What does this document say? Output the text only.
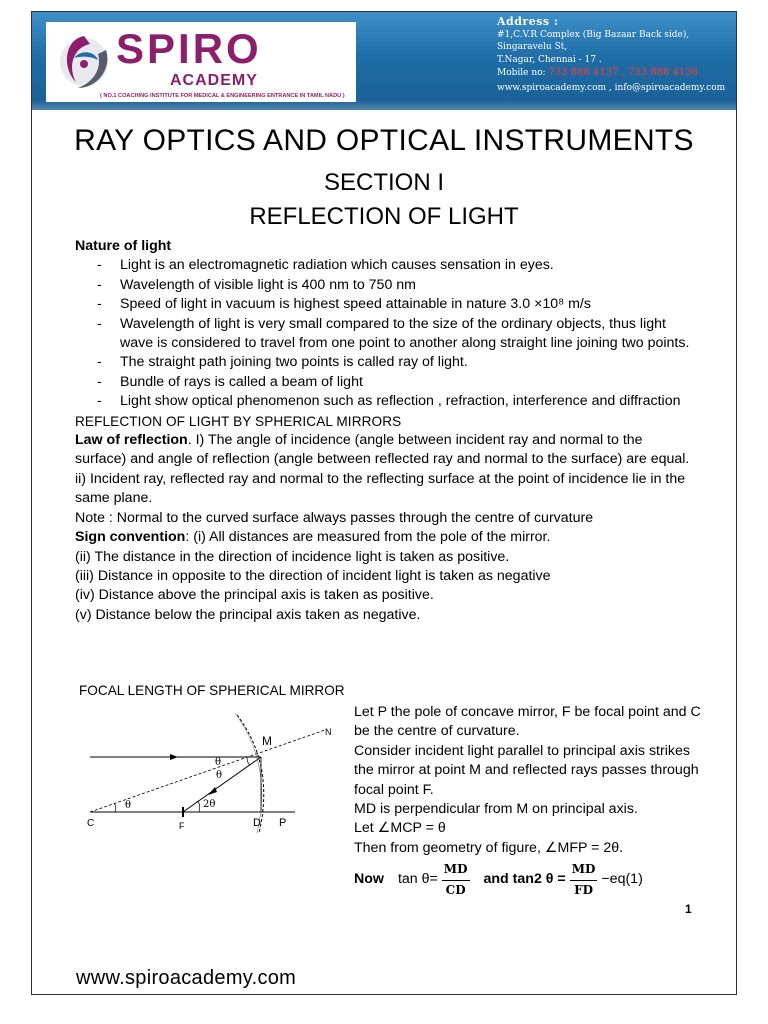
SPIRO
ACADEMY
( NO.1 COACHING INSTITUTE FOR MEDICAL & ENGINEERING ENTRANCE IN TAMIL NADU )
Address :
#1,C.V.R Complex (Big Bazaar Back side),
Singaravelu St,
T.Nagar, Chennai - 17 .
Mobile no: 733 888 4137 , 733 888 4136
www.spiroacademy.com , info@spiroacademy.com
RAY OPTICS AND OPTICAL INSTRUMENTS
SECTION I
REFLECTION OF LIGHT

Nature of light

- Light is an electromagnetic radiation which causes sensation in eyes.
- Wavelength of visible light is 400 nm to 750 nm
- Speed of light in vacuum is highest speed attainable in nature 3.0 ×10⁸ m/s
- Wavelength of light is very small compared to the size of the ordinary objects, thus light wave is considered to travel from one point to another along straight line joining two points.
- The straight path joining two points is called ray of light.
- Bundle of rays is called a beam of light
- Light show optical phenomenon such as reflection , refraction, interference and diffraction

REFLECTION OF LIGHT BY SPHERICAL MIRRORS

Law of reflection. I) The angle of incidence (angle between incident ray and normal to the surface) and angle of reflection (angle between reflected ray and normal to the surface) are equal.

ii) Incident ray, reflected ray and normal to the reflecting surface at the point of incidence lie in the same plane.

Note : Normal to the curved surface always passes through the centre of curvature

Sign convention: (i) All distances are measured from the pole of the mirror.

(ii) The distance in the direction of incidence light is taken as positive.

(iii) Distance in opposite to the direction of incident light is taken as negative

(iv) Distance above the principal axis is taken as positive.

(v) Distance below the principal axis taken as negative.

FOCAL LENGTH OF SPHERICAL MIRROR
M
N
C	F	D P
θ
θ
θ	2θ

Let P the pole of concave mirror, F be focal point and C be the centre of curvature.

Consider incident light parallel to principal axis strikes the mirror at point M and reflected rays passes through focal point F.

MD is perpendicular from M on principal axis.

Let ∠MCP = θ

Then from geometry of figure, ∠MFP = 2θ.

Now $\tan \theta= \frac{MD}{CD}$ and tan2 $\theta = \frac{MD}{FD} -eq(1)$
1
www.spiroacademy.com
